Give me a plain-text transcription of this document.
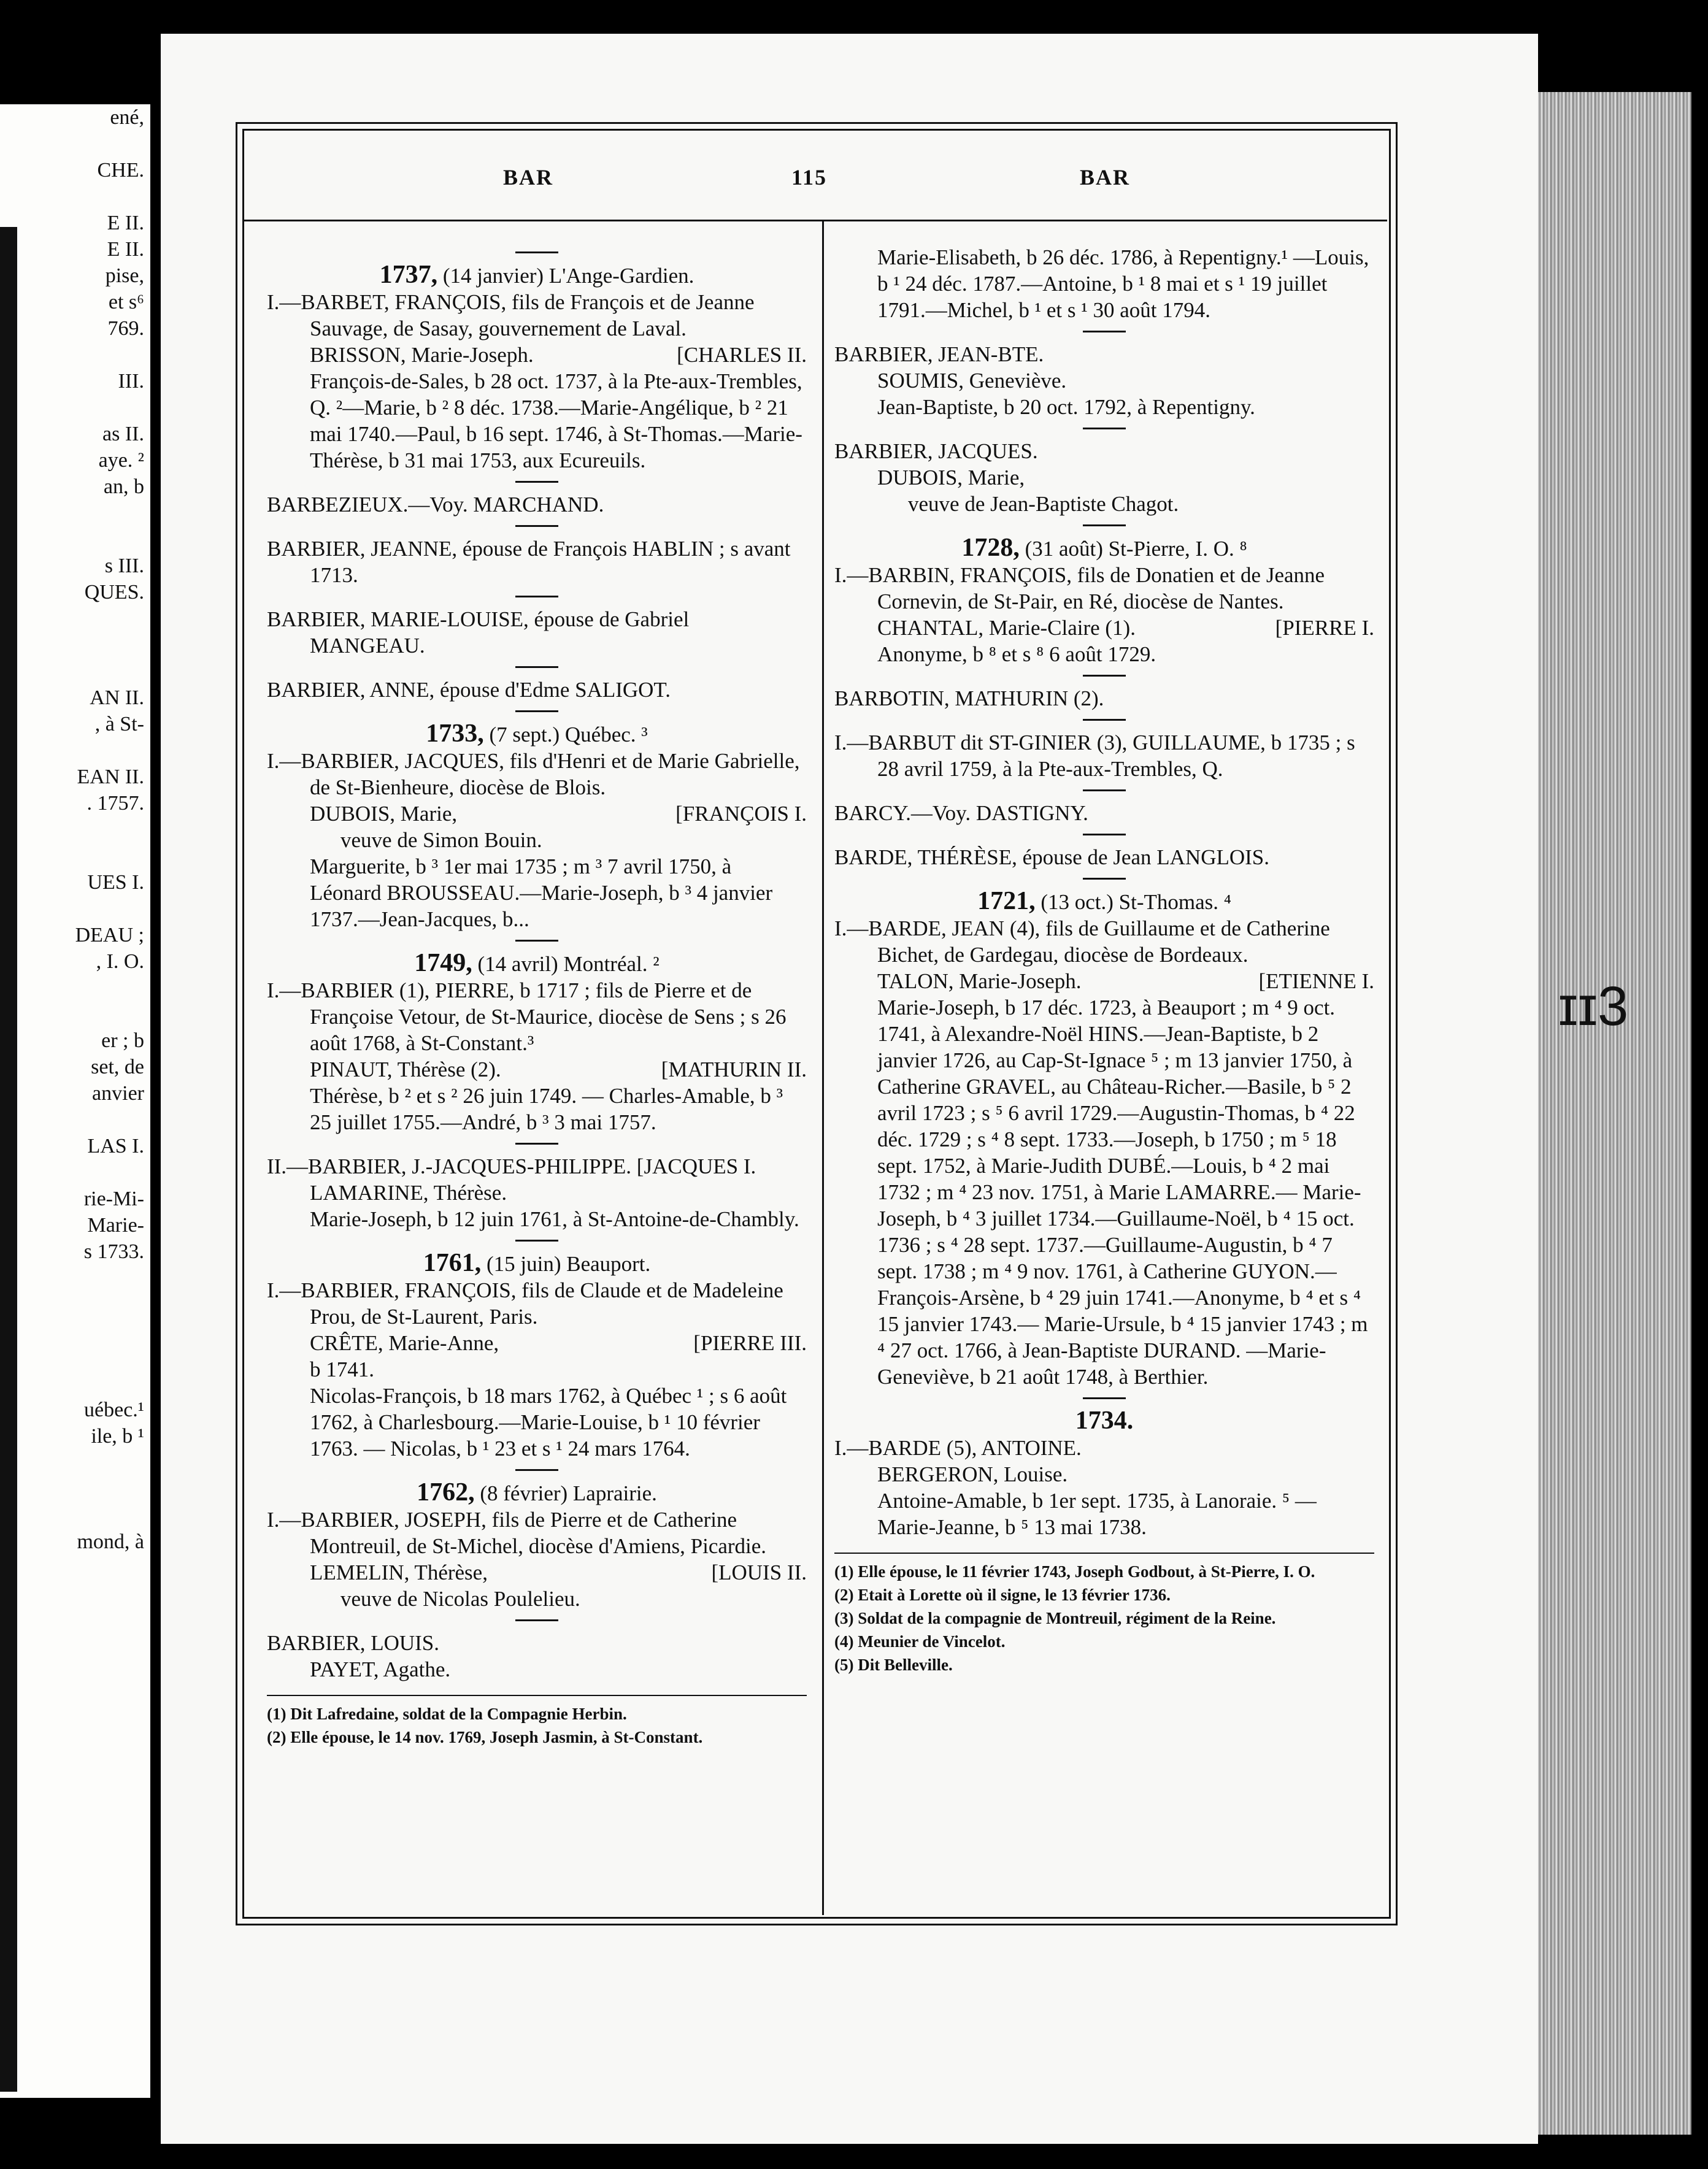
ené,

CHE.

E II.
E II.
pise,
et s⁶
769.

III.

as II.
aye. ²
an, b

s III.
QUES.

AN II.
, à St-

EAN II.
. 1757.

UES I.

DEAU ;
, I. O.

er ; b
set, de
anvier

LAS I.

rie-Mi-
Marie-
s 1733.

uébec.¹
ile, b ¹

mond, à
ɪɪ3
BAR	115	BAR

1737, (14 janvier) L'Ange-Gardien.

I.—BARBET, FRANÇOIS, fils de François et de Jeanne Sauvage, de Sasay, gouvernement de Laval.

[CHARLES II.
BRISSON, Marie-Joseph.

François-de-Sales, b 28 oct. 1737, à la Pte-aux-Trembles, Q. ²—Marie, b ² 8 déc. 1738.—Marie-Angélique, b ² 21 mai 1740.—Paul, b 16 sept. 1746, à St-Thomas.—Marie-Thérèse, b 31 mai 1753, aux Ecureuils.

BARBEZIEUX.—Voy. MARCHAND.

BARBIER, JEANNE, épouse de François HABLIN ; s avant 1713.

BARBIER, MARIE-LOUISE, épouse de Gabriel MANGEAU.

BARBIER, ANNE, épouse d'Edme SALIGOT.

1733, (7 sept.) Québec. ³

I.—BARBIER, JACQUES, fils d'Henri et de Marie Gabrielle, de St-Bienheure, diocèse de Blois.

[FRANÇOIS I.
DUBOIS, Marie,

veuve de Simon Bouin.

Marguerite, b ³ 1er mai 1735 ; m ³ 7 avril 1750, à Léonard BROUSSEAU.—Marie-Joseph, b ³ 4 janvier 1737.—Jean-Jacques, b...

1749, (14 avril) Montréal. ²

I.—BARBIER (1), PIERRE, b 1717 ; fils de Pierre et de Françoise Vetour, de St-Maurice, diocèse de Sens ; s 26 août 1768, à St-Constant.³

[MATHURIN II.
PINAUT, Thérèse (2).

Thérèse, b ² et s ² 26 juin 1749. — Charles-Amable, b ³ 25 juillet 1755.—André, b ³ 3 mai 1757.

II.—BARBIER, J.-JACQUES-PHILIPPE. [JACQUES I. LAMARINE, Thérèse.

Marie-Joseph, b 12 juin 1761, à St-Antoine-de-Chambly.

1761, (15 juin) Beauport.

I.—BARBIER, FRANÇOIS, fils de Claude et de Madeleine Prou, de St-Laurent, Paris.

[PIERRE III.
CRÊTE, Marie-Anne,

b 1741.

Nicolas-François, b 18 mars 1762, à Québec ¹ ; s 6 août 1762, à Charlesbourg.—Marie-Louise, b ¹ 10 février 1763. — Nicolas, b ¹ 23 et s ¹ 24 mars 1764.

1762, (8 février) Laprairie.

I.—BARBIER, JOSEPH, fils de Pierre et de Catherine Montreuil, de St-Michel, diocèse d'Amiens, Picardie.

[LOUIS II.
LEMELIN, Thérèse,

veuve de Nicolas Poulelieu.

BARBIER, LOUIS.

PAYET, Agathe.

(1) Dit Lafredaine, soldat de la Compagnie Herbin.

(2) Elle épouse, le 14 nov. 1769, Joseph Jasmin, à St-Constant.

Marie-Elisabeth, b 26 déc. 1786, à Repentigny.¹ —Louis, b ¹ 24 déc. 1787.—Antoine, b ¹ 8 mai et s ¹ 19 juillet 1791.—Michel, b ¹ et s ¹ 30 août 1794.

BARBIER, JEAN-BTE.

SOUMIS, Geneviève.

Jean-Baptiste, b 20 oct. 1792, à Repentigny.

BARBIER, JACQUES.

DUBOIS, Marie,

veuve de Jean-Baptiste Chagot.

1728, (31 août) St-Pierre, I. O. ⁸

I.—BARBIN, FRANÇOIS, fils de Donatien et de Jeanne Cornevin, de St-Pair, en Ré, diocèse de Nantes.

[PIERRE I.
CHANTAL, Marie-Claire (1).

Anonyme, b ⁸ et s ⁸ 6 août 1729.

BARBOTIN, MATHURIN (2).

I.—BARBUT dit ST-GINIER (3), GUILLAUME, b 1735 ; s 28 avril 1759, à la Pte-aux-Trembles, Q.

BARCY.—Voy. DASTIGNY.

BARDE, THÉRÈSE, épouse de Jean LANGLOIS.

1721, (13 oct.) St-Thomas. ⁴

I.—BARDE, JEAN (4), fils de Guillaume et de Catherine Bichet, de Gardegau, diocèse de Bordeaux.

[ETIENNE I.
TALON, Marie-Joseph.

Marie-Joseph, b 17 déc. 1723, à Beauport ; m ⁴ 9 oct. 1741, à Alexandre-Noël HINS.—Jean-Baptiste, b 2 janvier 1726, au Cap-St-Ignace ⁵ ; m 13 janvier 1750, à Catherine GRAVEL, au Château-Richer.—Basile, b ⁵ 2 avril 1723 ; s ⁵ 6 avril 1729.—Augustin-Thomas, b ⁴ 22 déc. 1729 ; s ⁴ 8 sept. 1733.—Joseph, b 1750 ; m ⁵ 18 sept. 1752, à Marie-Judith DUBÉ.—Louis, b ⁴ 2 mai 1732 ; m ⁴ 23 nov. 1751, à Marie LAMARRE.— Marie-Joseph, b ⁴ 3 juillet 1734.—Guillaume-Noël, b ⁴ 15 oct. 1736 ; s ⁴ 28 sept. 1737.—Guillaume-Augustin, b ⁴ 7 sept. 1738 ; m ⁴ 9 nov. 1761, à Catherine GUYON.—François-Arsène, b ⁴ 29 juin 1741.—Anonyme, b ⁴ et s ⁴ 15 janvier 1743.— Marie-Ursule, b ⁴ 15 janvier 1743 ; m ⁴ 27 oct. 1766, à Jean-Baptiste DURAND. —Marie-Geneviève, b 21 août 1748, à Berthier.

1734.

I.—BARDE (5), ANTOINE.

BERGERON, Louise.

Antoine-Amable, b 1er sept. 1735, à Lanoraie. ⁵ —Marie-Jeanne, b ⁵ 13 mai 1738.

(1) Elle épouse, le 11 février 1743, Joseph Godbout, à St-Pierre, I. O.

(2) Etait à Lorette où il signe, le 13 février 1736.

(3) Soldat de la compagnie de Montreuil, régiment de la Reine.

(4) Meunier de Vincelot.

(5) Dit Belleville.
